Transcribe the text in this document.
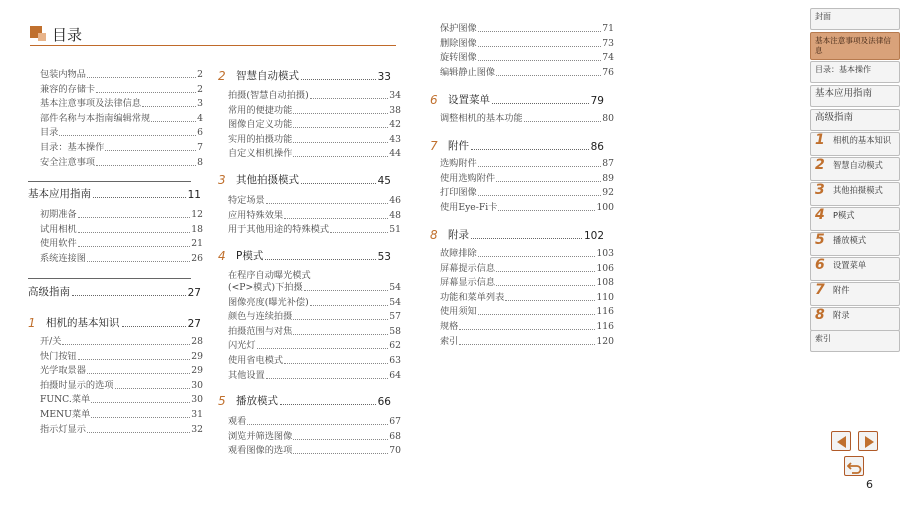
目录
包装内物品	2
兼容的存储卡	2
基本注意事项及法律信息	3
部件名称与本指南编辑常规	4
目录	6
目录：基本操作	7
安全注意事项	8
基本应用指南	11
初期准备	12
试用相机	18
使用软件	21
系统连接图	26
高级指南	27
1 相机的基本知识	27
开/关	28
快门按钮	29
光学取景器	29
拍摄时显示的选项	30
FUNC.菜单	30
MENU菜单	31
指示灯显示	32
2 智慧自动模式	33
拍摄(智慧自动拍摄)	34
常用的便捷功能	38
图像自定义功能	42
实用的拍摄功能	43
自定义相机操作	44
3 其他拍摄模式	45
特定场景	46
应用特殊效果	48
用于其他用途的特殊模式	51
4 P模式	53
在程序自动曝光模式
(<P>模式)下拍摄	54
图像亮度(曝光补偿)	54
颜色与连续拍摄	57
拍摄范围与对焦	58
闪光灯	62
使用省电模式	63
其他设置	64
5 播放模式	66
观看	67
浏览并筛选图像	68
观看图像的选项	70
保护图像	71
删除图像	73
旋转图像	74
编辑静止图像	76
6 设置菜单	79
调整相机的基本功能	80
7 附件	86
选购附件	87
使用选购附件	89
打印图像	92
使用Eye-Fi卡	100
8 附录	102
故障排除	103
屏幕提示信息	106
屏幕显示信息	108
功能和菜单列表	110
使用须知	116
规格	116
索引	120
封面
基本注意事项及法律信息
目录：基本操作
基本应用指南
高级指南
1 相机的基本知识
2 智慧自动模式
3 其他拍摄模式
4 P模式
5 播放模式
6 设置菜单
7 附件
8 附录
索引
6
